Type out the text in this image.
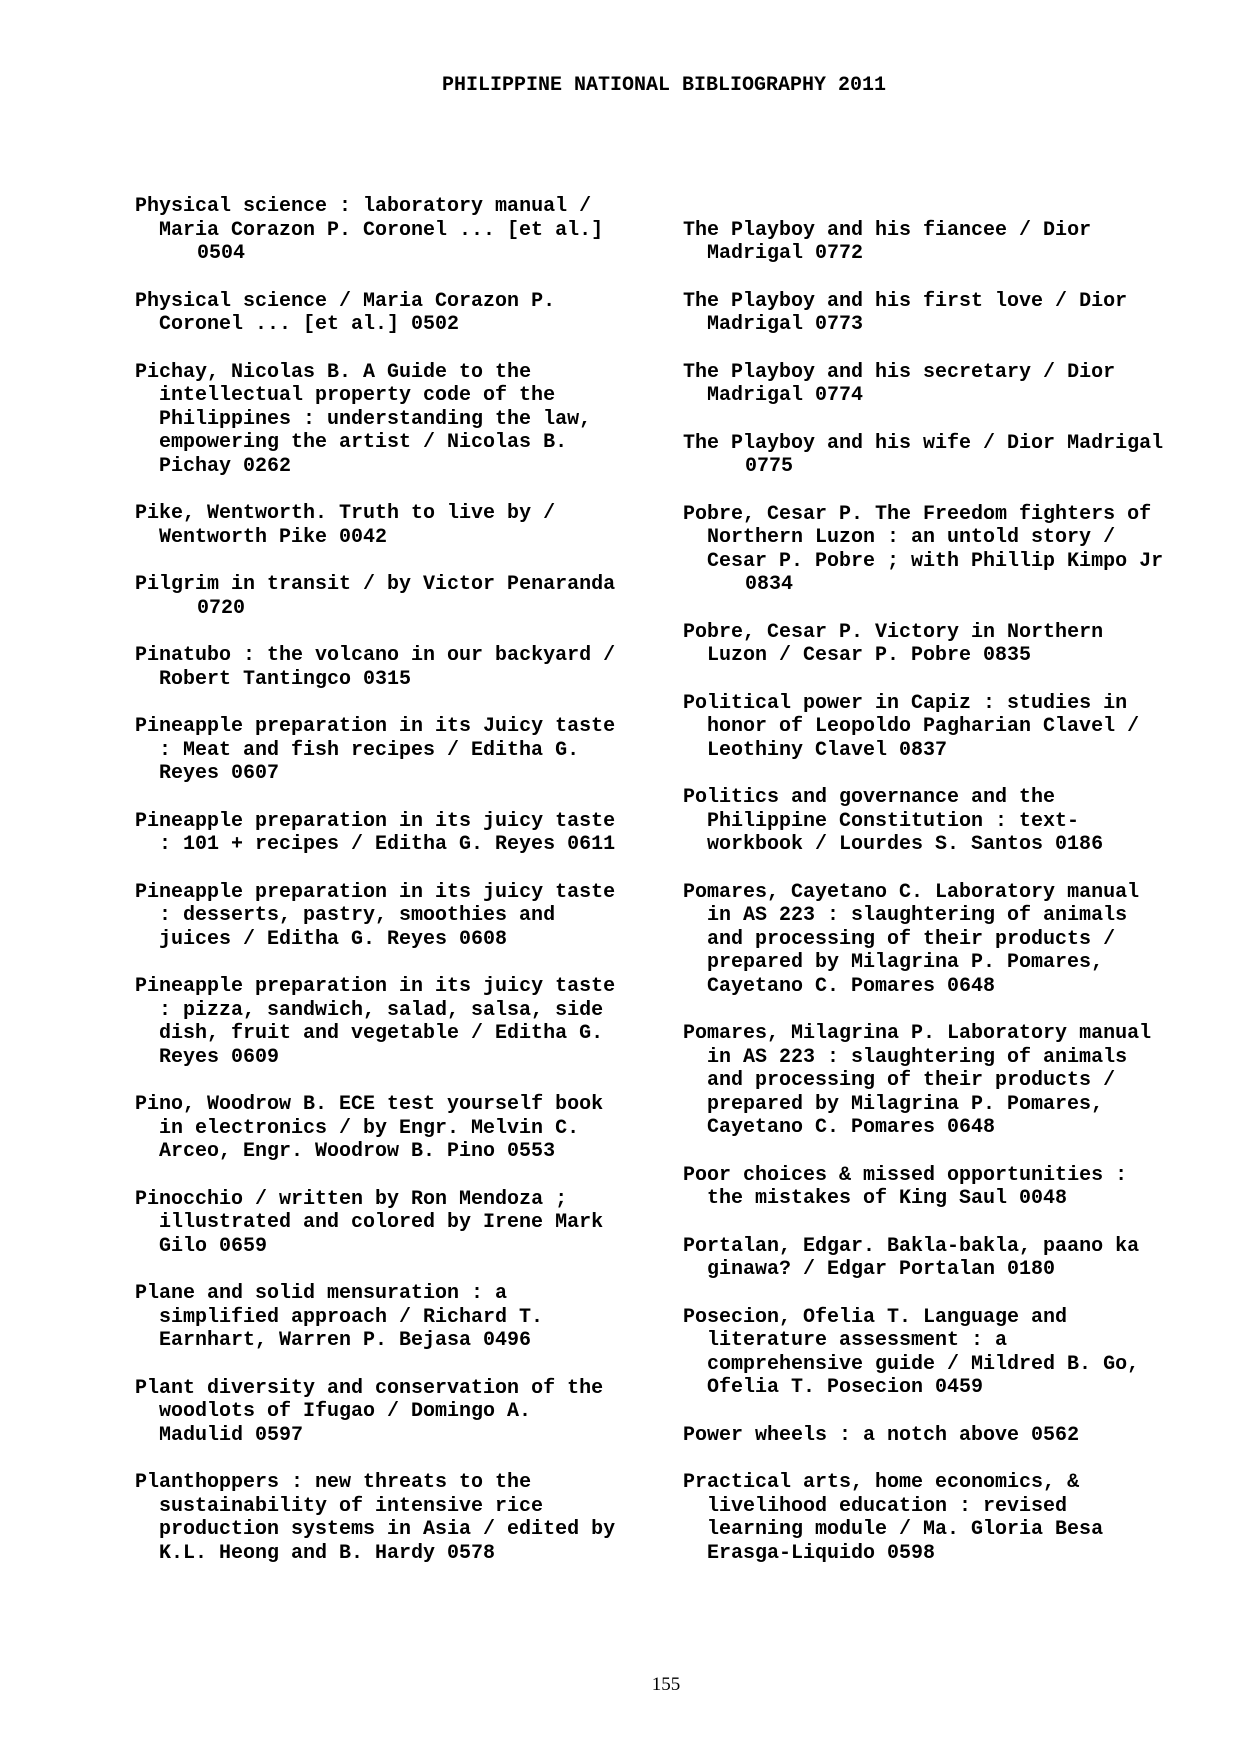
PHILIPPINE NATIONAL BIBLIOGRAPHY 2011
Physical science : laboratory manual /
Maria Corazon P. Coronel ... [et al.]
0504
Physical science / Maria Corazon P.
Coronel ... [et al.] 0502
Pichay, Nicolas B. A Guide to the
intellectual property code of the
Philippines : understanding the law,
empowering the artist / Nicolas B.
Pichay 0262
Pike, Wentworth. Truth to live by /
Wentworth Pike 0042
Pilgrim in transit / by Victor Penaranda
0720
Pinatubo : the volcano in our backyard /
Robert Tantingco 0315
Pineapple preparation in its Juicy taste
: Meat and fish recipes / Editha G.
Reyes 0607
Pineapple preparation in its juicy taste
: 101 + recipes / Editha G. Reyes 0611
Pineapple preparation in its juicy taste
: desserts, pastry, smoothies and
juices / Editha G. Reyes 0608
Pineapple preparation in its juicy taste
: pizza, sandwich, salad, salsa, side
dish, fruit and vegetable / Editha G.
Reyes 0609
Pino, Woodrow B. ECE test yourself book
in electronics / by Engr. Melvin C.
Arceo, Engr. Woodrow B. Pino 0553
Pinocchio / written by Ron Mendoza ;
illustrated and colored by Irene Mark
Gilo 0659
Plane and solid mensuration : a
simplified approach / Richard T.
Earnhart, Warren P. Bejasa 0496
Plant diversity and conservation of the
woodlots of Ifugao / Domingo A.
Madulid 0597
Planthoppers : new threats to the
sustainability of intensive rice
production systems in Asia / edited by
K.L. Heong and B. Hardy 0578
The Playboy and his fiancee / Dior
Madrigal 0772
The Playboy and his first love / Dior
Madrigal 0773
The Playboy and his secretary / Dior
Madrigal 0774
The Playboy and his wife / Dior Madrigal
0775
Pobre, Cesar P. The Freedom fighters of
Northern Luzon : an untold story /
Cesar P. Pobre ; with Phillip Kimpo Jr
0834
Pobre, Cesar P. Victory in Northern
Luzon / Cesar P. Pobre 0835
Political power in Capiz : studies in
honor of Leopoldo Pagharian Clavel /
Leothiny Clavel 0837
Politics and governance and the
Philippine Constitution : text-
workbook / Lourdes S. Santos 0186
Pomares, Cayetano C. Laboratory manual
in AS 223 : slaughtering of animals
and processing of their products /
prepared by Milagrina P. Pomares,
Cayetano C. Pomares 0648
Pomares, Milagrina P. Laboratory manual
in AS 223 : slaughtering of animals
and processing of their products /
prepared by Milagrina P. Pomares,
Cayetano C. Pomares 0648
Poor choices & missed opportunities :
the mistakes of King Saul 0048
Portalan, Edgar. Bakla-bakla, paano ka
ginawa? / Edgar Portalan 0180
Posecion, Ofelia T. Language and
literature assessment : a
comprehensive guide / Mildred B. Go,
Ofelia T. Posecion 0459
Power wheels : a notch above 0562
Practical arts, home economics, &
livelihood education : revised
learning module / Ma. Gloria Besa
Erasga-Liquido 0598
155
